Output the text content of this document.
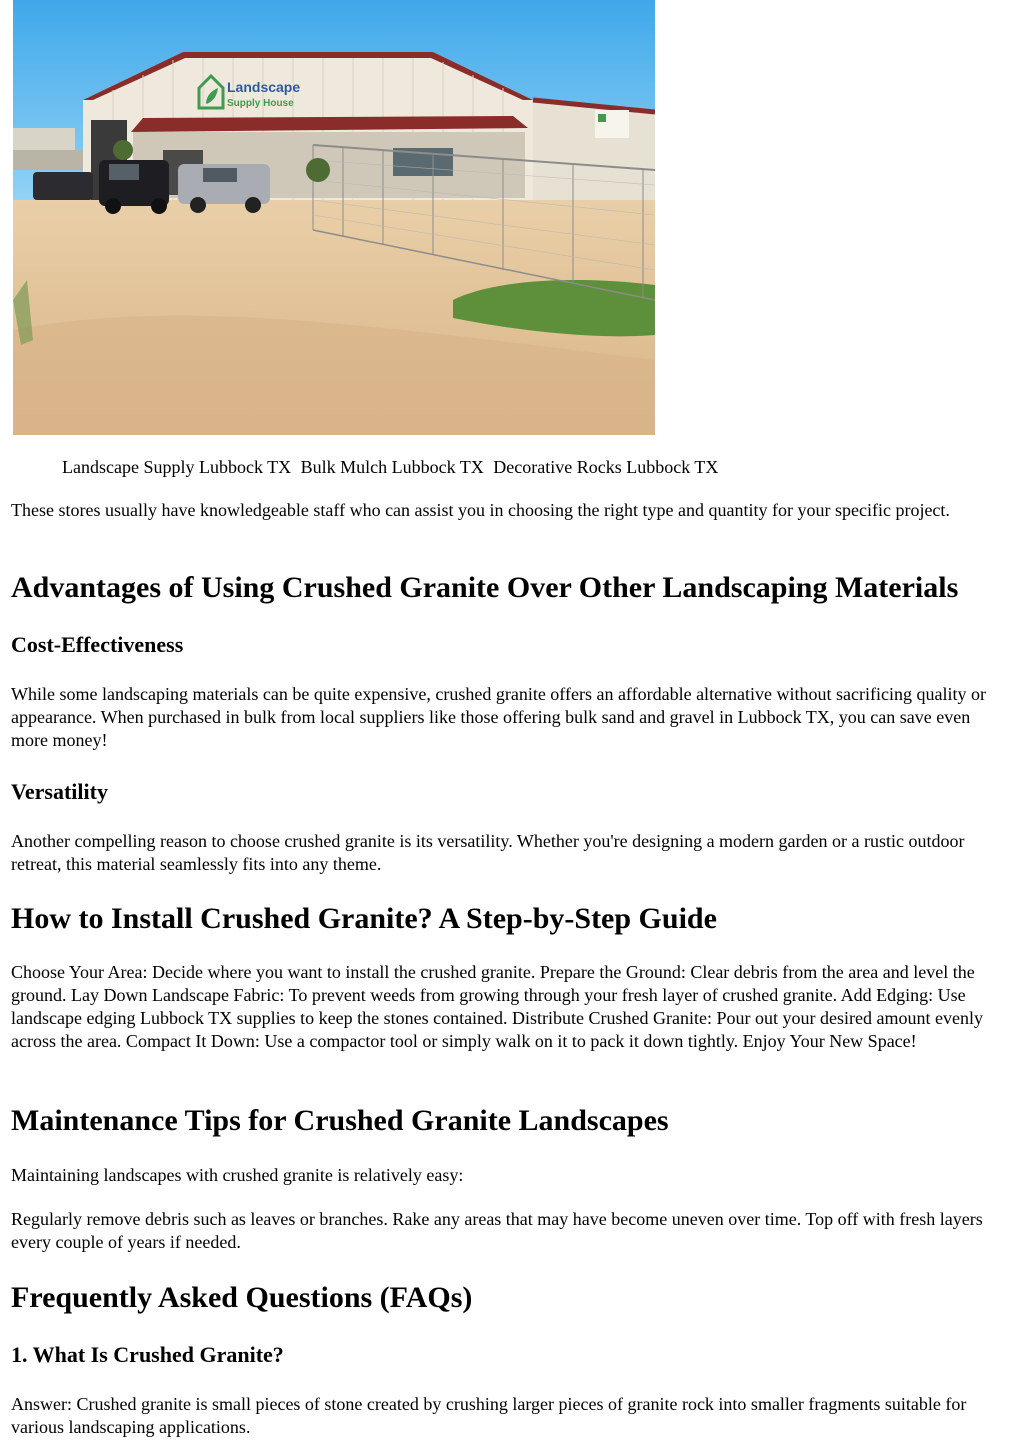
Landscape
Supply House
Landscape Supply Lubbock TX Bulk Mulch Lubbock TX Decorative Rocks Lubbock TX

These stores usually have knowledgeable staff who can assist you in choosing the right type and quantity for your specific project.

Advantages of Using Crushed Granite Over Other Landscaping Materials
Cost-Effectiveness

While some landscaping materials can be quite expensive, crushed granite offers an affordable alternative without sacrificing quality or appearance. When purchased in bulk from local suppliers like those offering bulk sand and gravel in Lubbock TX, you can save even more money!

Versatility

Another compelling reason to choose crushed granite is its versatility. Whether you're designing a modern garden or a rustic outdoor retreat, this material seamlessly fits into any theme.

How to Install Crushed Granite? A Step-by-Step Guide

Choose Your Area: Decide where you want to install the crushed granite. Prepare the Ground: Clear debris from the area and level the ground. Lay Down Landscape Fabric: To prevent weeds from growing through your fresh layer of crushed granite. Add Edging: Use landscape edging Lubbock TX supplies to keep the stones contained. Distribute Crushed Granite: Pour out your desired amount evenly across the area. Compact It Down: Use a compactor tool or simply walk on it to pack it down tightly. Enjoy Your New Space!

Maintenance Tips for Crushed Granite Landscapes

Maintaining landscapes with crushed granite is relatively easy:

Regularly remove debris such as leaves or branches. Rake any areas that may have become uneven over time. Top off with fresh layers every couple of years if needed.

Frequently Asked Questions (FAQs)
1. What Is Crushed Granite?

Answer: Crushed granite is small pieces of stone created by crushing larger pieces of granite rock into smaller fragments suitable for various landscaping applications.
